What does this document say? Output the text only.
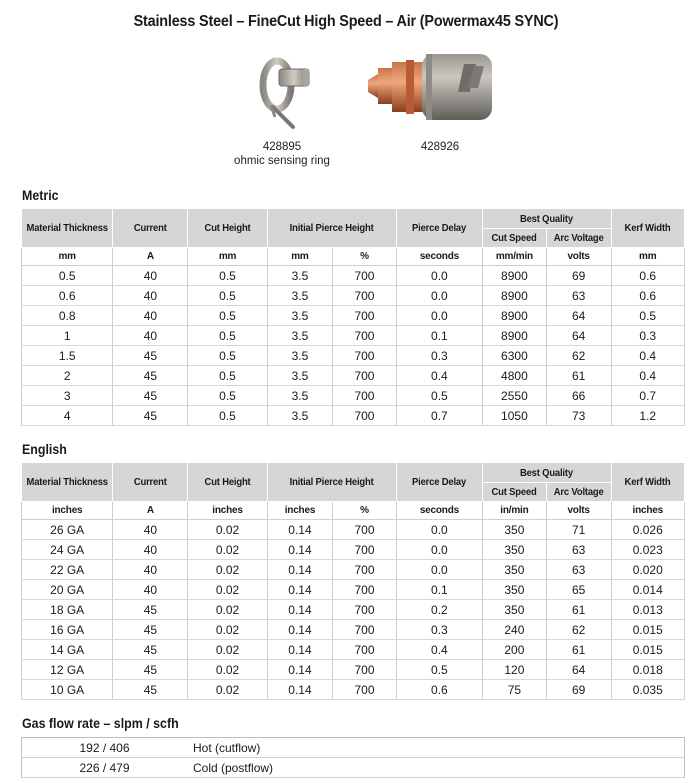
Stainless Steel – FineCut High Speed – Air (Powermax45 SYNC)
428895
ohmic sensing ring
428926
Metric
Material Thickness	Current	Cut Height	Initial Pierce Height		Pierce Delay	Best Quality		Kerf Width
						Cut Speed	Arc Voltage	
mm	A	mm	mm	%	seconds	mm/min	volts	mm
0.5	40	0.5	3.5	700	0.0	8900	69	0.6
0.6	40	0.5	3.5	700	0.0	8900	63	0.6
0.8	40	0.5	3.5	700	0.0	8900	64	0.5
1	40	0.5	3.5	700	0.1	8900	64	0.3
1.5	45	0.5	3.5	700	0.3	6300	62	0.4
2	45	0.5	3.5	700	0.4	4800	61	0.4
3	45	0.5	3.5	700	0.5	2550	66	0.7
4	45	0.5	3.5	700	0.7	1050	73	1.2
English
Material Thickness	Current	Cut Height	Initial Pierce Height		Pierce Delay	Best Quality		Kerf Width
						Cut Speed	Arc Voltage	
inches	A	inches	inches	%	seconds	in/min	volts	inches
26 GA	40	0.02	0.14	700	0.0	350	71	0.026
24 GA	40	0.02	0.14	700	0.0	350	63	0.023
22 GA	40	0.02	0.14	700	0.0	350	63	0.020
20 GA	40	0.02	0.14	700	0.1	350	65	0.014
18 GA	45	0.02	0.14	700	0.2	350	61	0.013
16 GA	45	0.02	0.14	700	0.3	240	62	0.015
14 GA	45	0.02	0.14	700	0.4	200	61	0.015
12 GA	45	0.02	0.14	700	0.5	120	64	0.018
10 GA	45	0.02	0.14	700	0.6	75	69	0.035
Gas flow rate – slpm / scfh
192 / 406	Hot (cutflow)
226 / 479	Cold (postflow)
